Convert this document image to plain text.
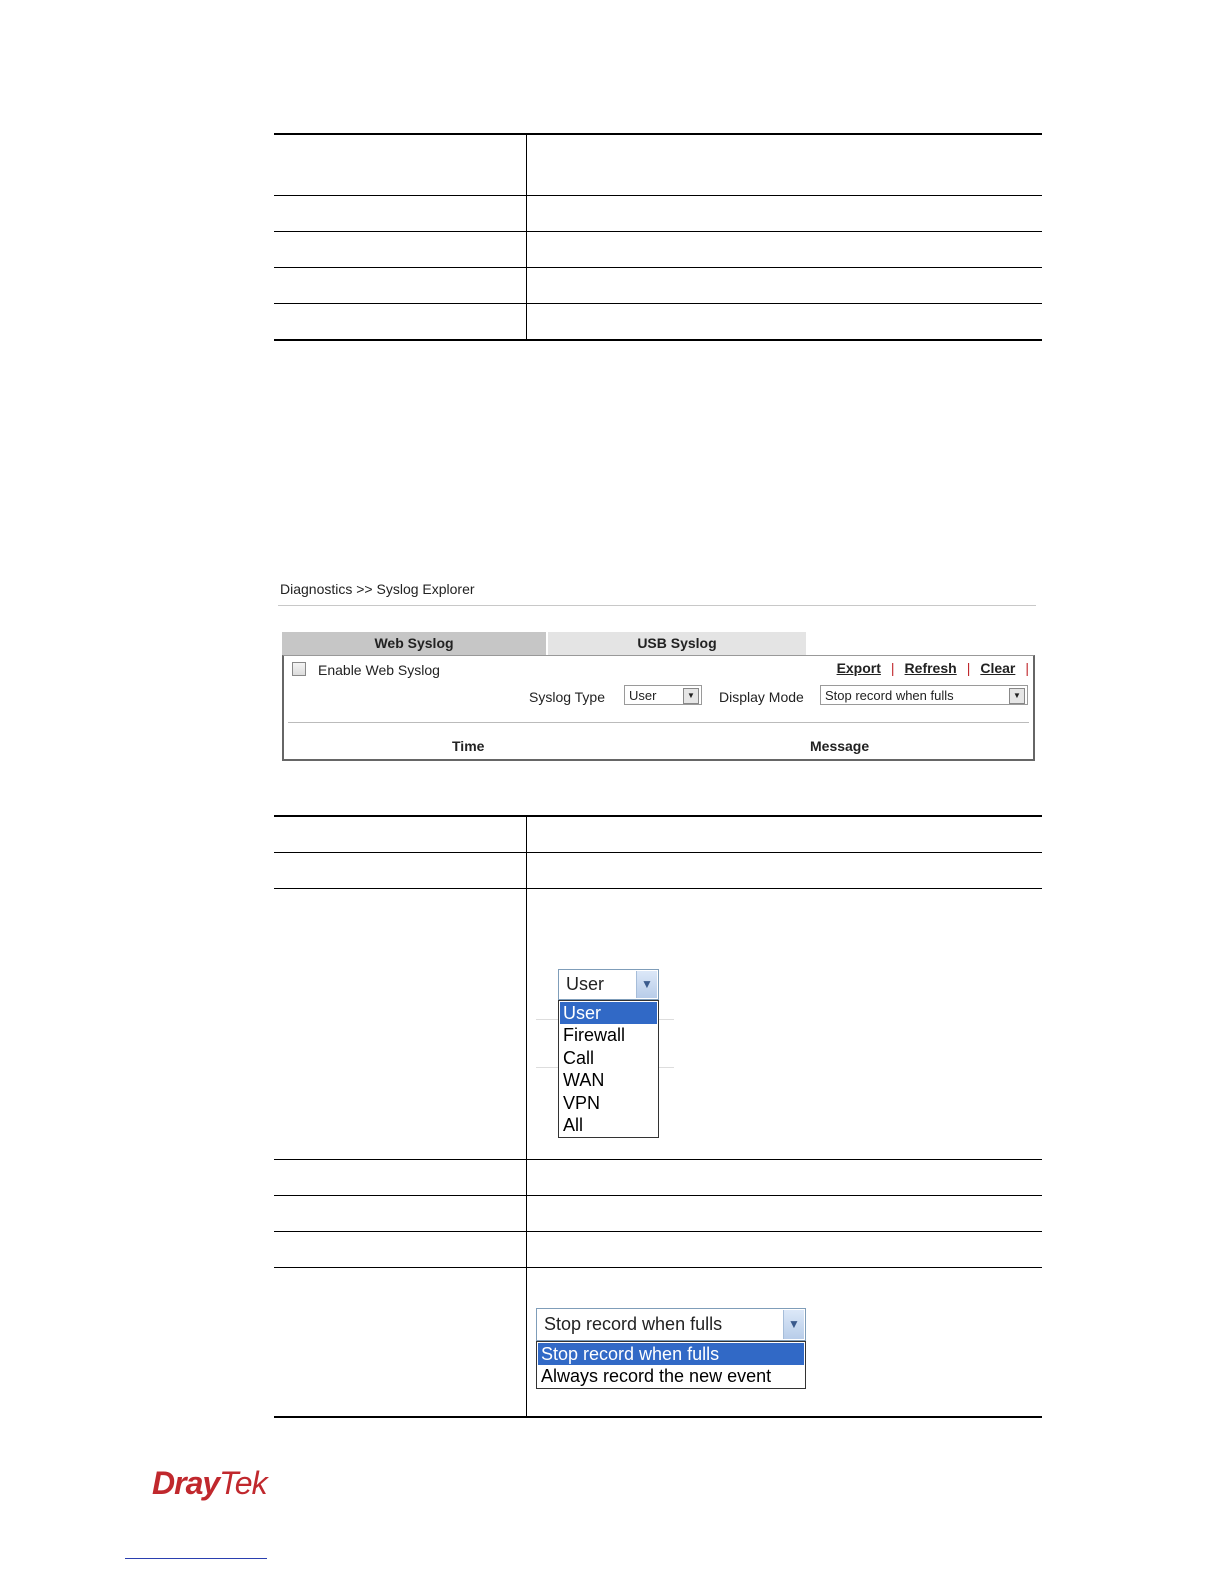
Diagnostics >> Syslog Explorer
Web Syslog	USB Syslog
Enable Web Syslog	Export | Refresh | Clear |
Syslog Type	User	▼ Display Mode	Stop record when fulls	▼
Time	Message
User	▼
User
Firewall
Call
WAN
VPN
All
Stop record when fulls	▼
Stop record when fulls
Always record the new event
DrayTek
